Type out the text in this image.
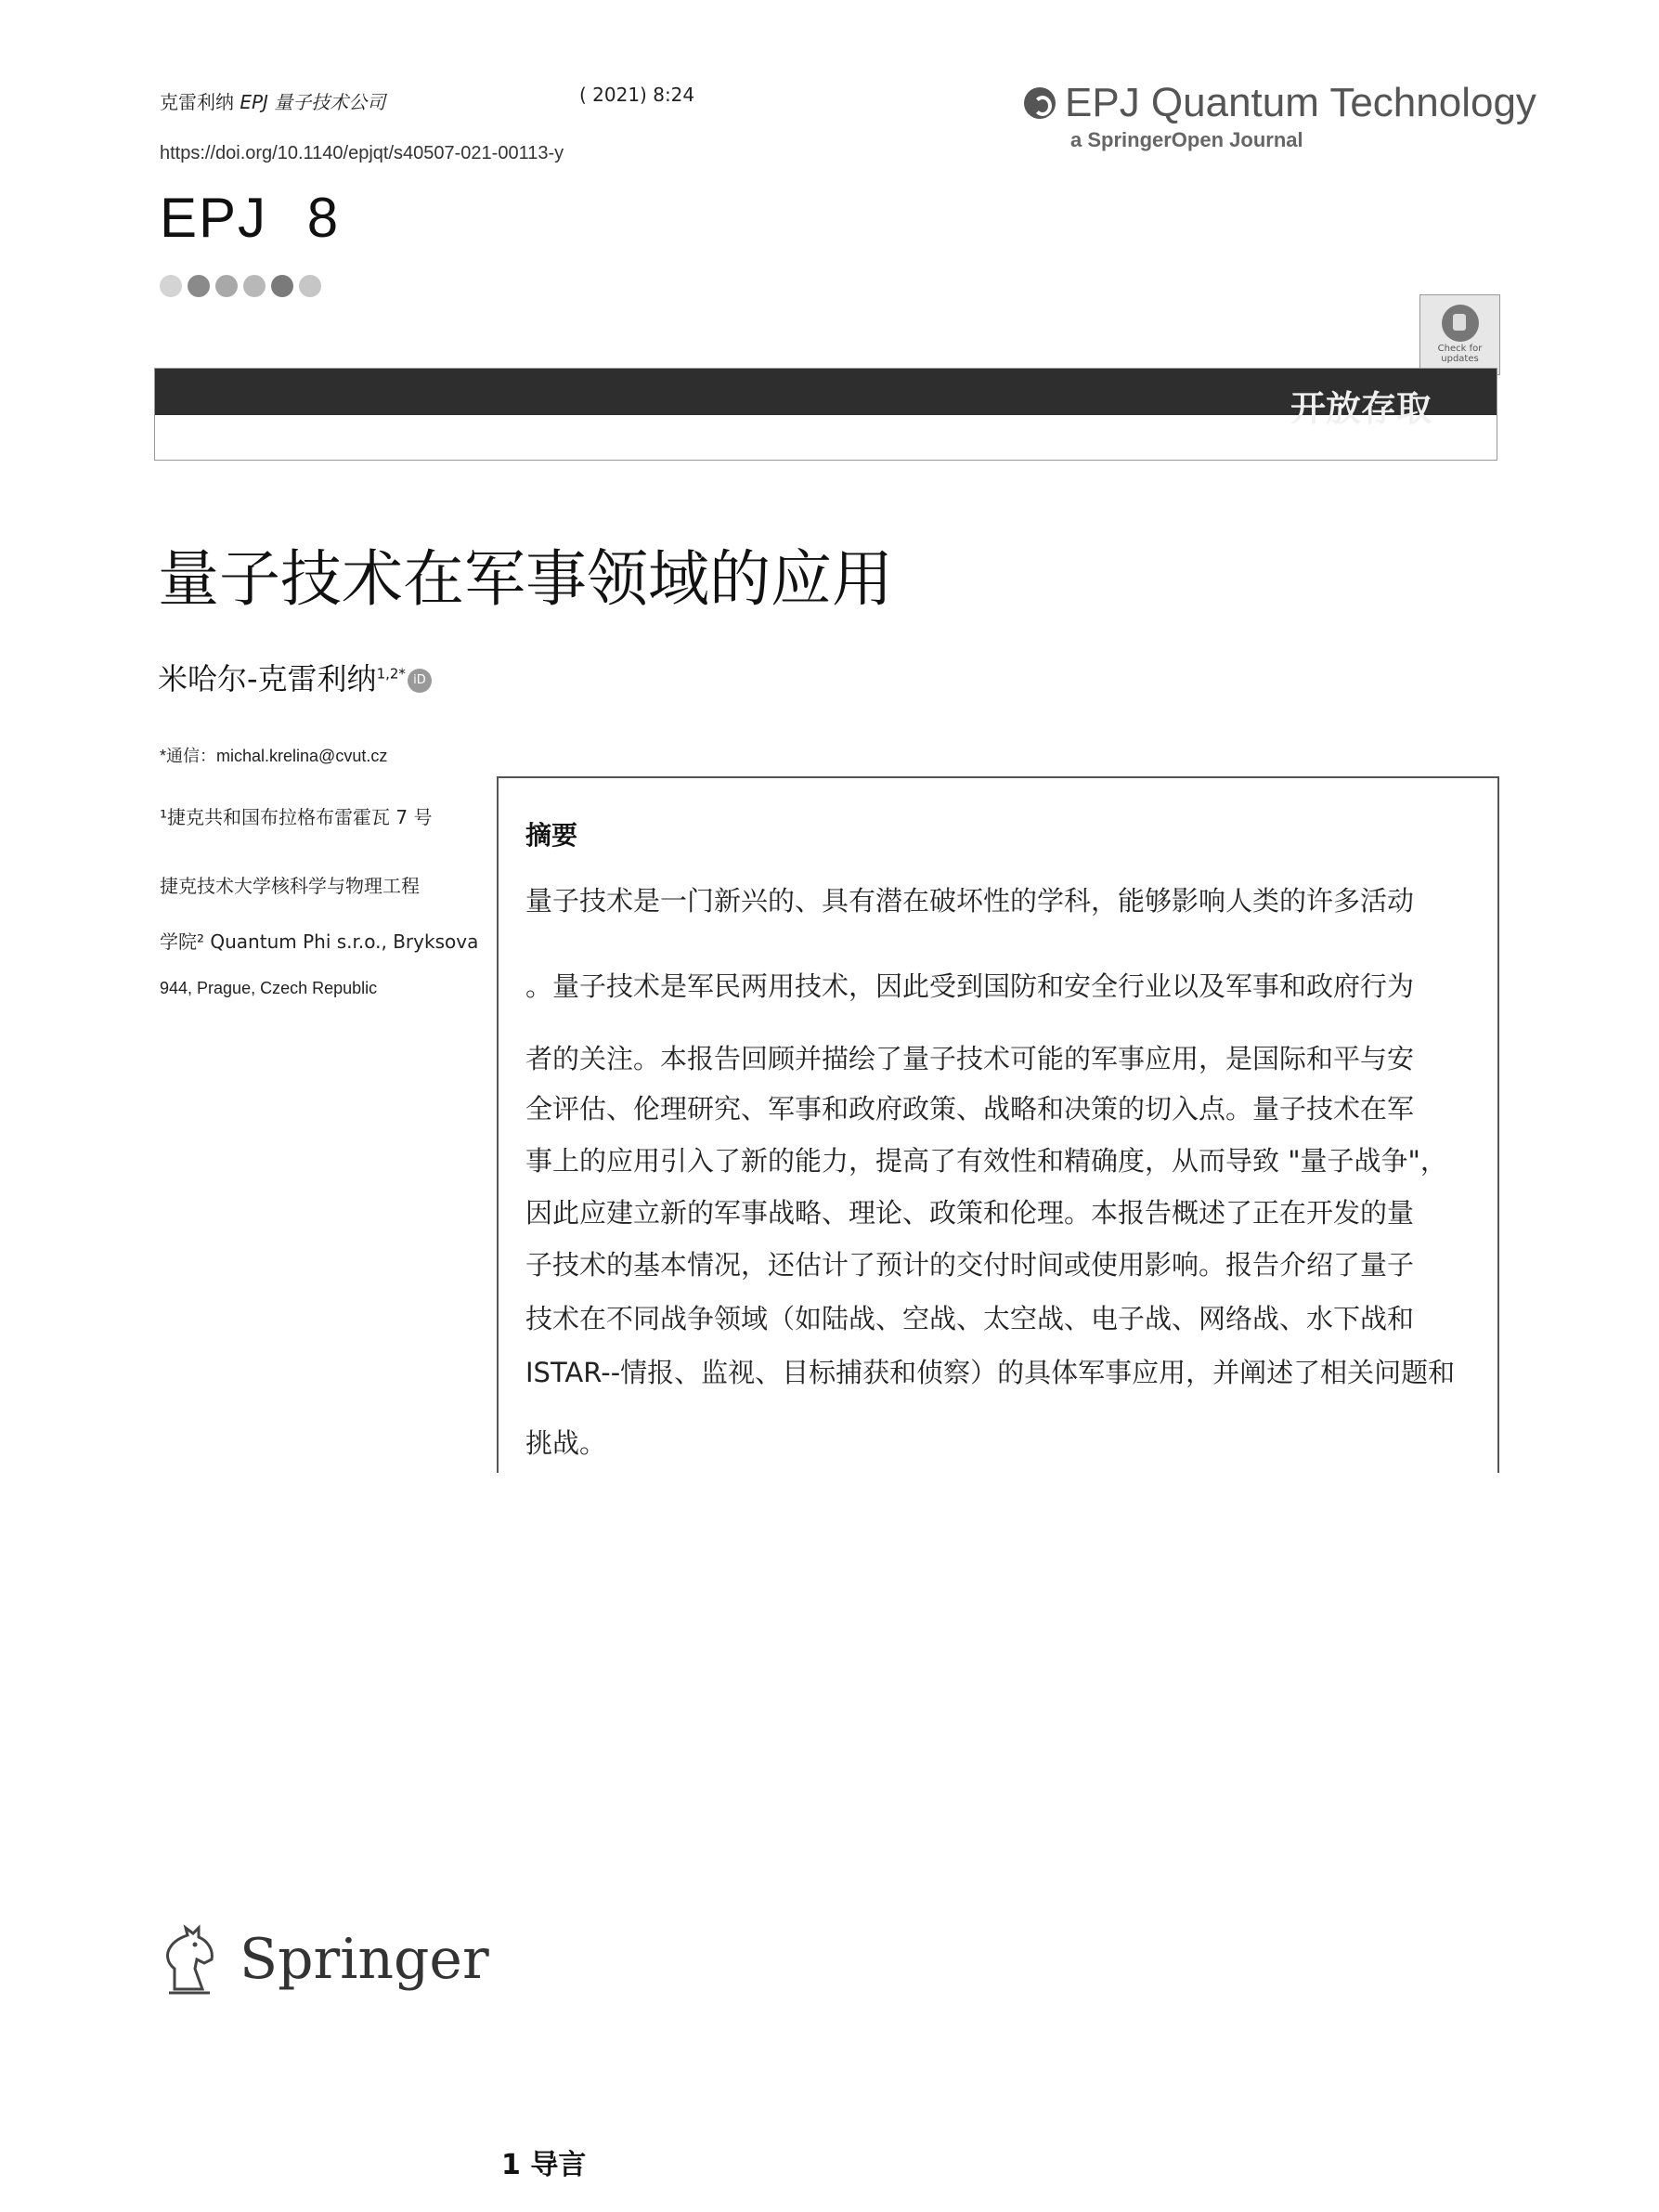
克雷利纳 EPJ 量子技术公司	( 2021) 8:24
https://doi.org/10.1140/epjqt/s40507-021-00113-y
EPJ 8
EPJ Quantum Technology
a SpringerOpen Journal
Check for
updates
开放存取
量子技术在军事领域的应用
米哈尔-克雷利纳$^{1,2*}$ iD
*通信：michal.krelina@cvut.cz
¹捷克共和国布拉格布雷霍瓦 7 号
捷克技术大学核科学与物理工程
学院² Quantum Phi s.r.o., Bryksova
944, Prague, Czech Republic
摘要
量子技术是一门新兴的、具有潜在破坏性的学科，能够影响人类的许多活动
。量子技术是军民两用技术，因此受到国防和安全行业以及军事和政府行为
者的关注。本报告回顾并描绘了量子技术可能的军事应用，是国际和平与安
全评估、伦理研究、军事和政府政策、战略和决策的切入点。量子技术在军
事上的应用引入了新的能力，提高了有效性和精确度，从而导致 "量子战争"，
因此应建立新的军事战略、理论、政策和伦理。本报告概述了正在开发的量
子技术的基本情况，还估计了预计的交付时间或使用影响。报告介绍了量子
技术在不同战争领域（如陆战、空战、太空战、电子战、网络战、水下战和
ISTAR--情报、监视、目标捕获和侦察）的具体军事应用，并阐述了相关问题和
挑战。
Springer
1 导言
